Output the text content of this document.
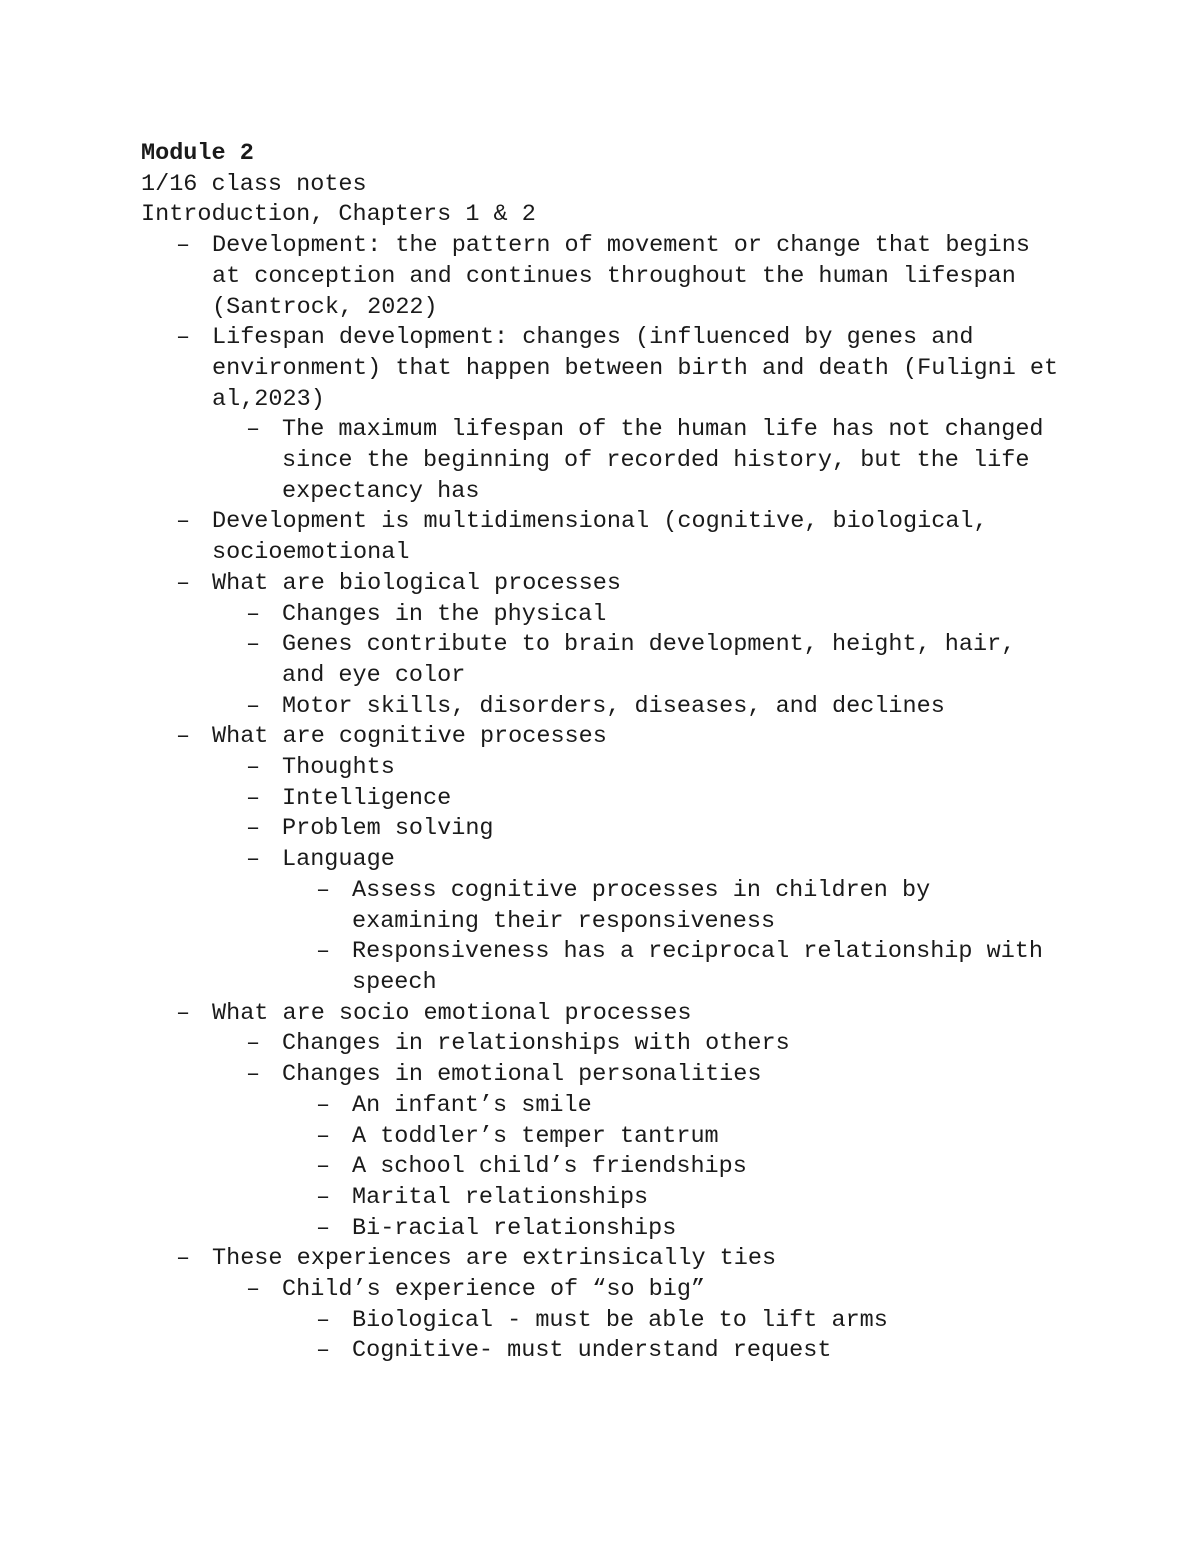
Module 2

1/16 class notes

Introduction, Chapters 1 & 2

– Development: the pattern of movement or change that begins at conception and continues throughout the human lifespan (Santrock, 2022)
– Lifespan development: changes (influenced by genes and environment) that happen between birth and death (Fuligni et al,2023)
– The maximum lifespan of the human life has not changed since the beginning of recorded history, but the life expectancy has
– Development is multidimensional (cognitive, biological, socioemotional
– What are biological processes
– Changes in the physical
– Genes contribute to brain development, height, hair, and eye color
– Motor skills, disorders, diseases, and declines
– What are cognitive processes
– Thoughts
– Intelligence
– Problem solving
– Language
– Assess cognitive processes in children by examining their responsiveness
– Responsiveness has a reciprocal relationship with speech
– What are socio emotional processes
– Changes in relationships with others
– Changes in emotional personalities
– An infant’s smile
– A toddler’s temper tantrum
– A school child’s friendships
– Marital relationships
– Bi-racial relationships
– These experiences are extrinsically ties
– Child’s experience of “so big”
– Biological - must be able to lift arms
– Cognitive- must understand request
